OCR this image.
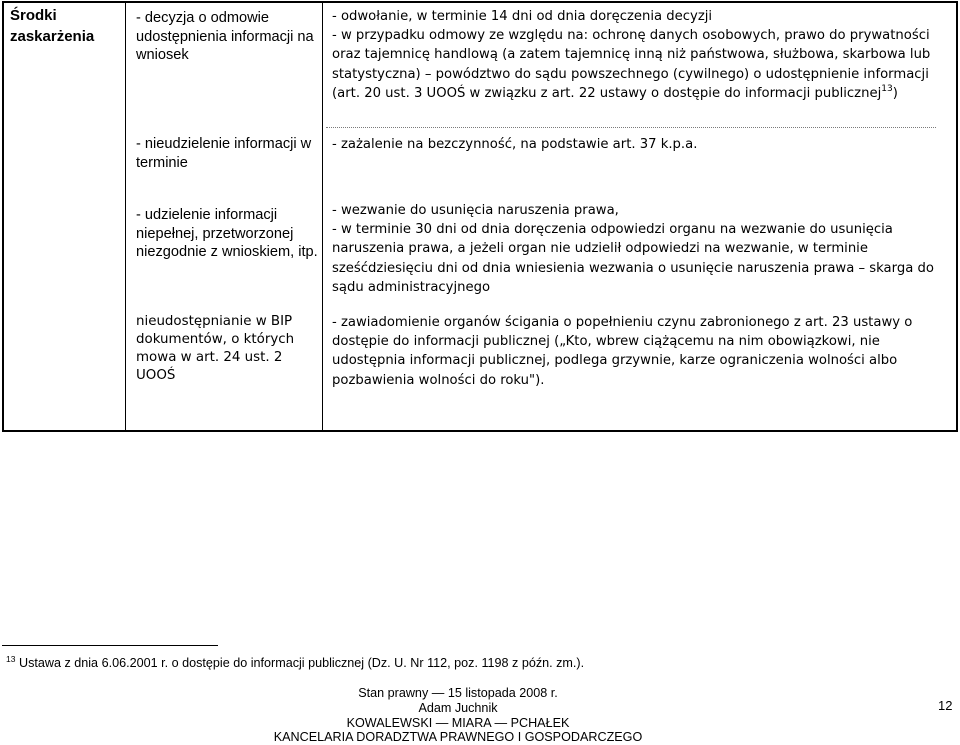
Środki zaskarżenia
- decyzja o odmowie udostępnienia informacji na wniosek
- nieudzielenie informacji w terminie
- udzielenie informacji niepełnej, przetworzonej niezgodnie z wnioskiem, itp.
nieudostępnianie w BIP dokumentów, o których mowa w art. 24 ust. 2 UOOŚ
- odwołanie, w terminie 14 dni od dnia doręczenia decyzji
- w przypadku odmowy ze względu na: ochronę danych osobowych, prawo do prywatności oraz tajemnicę handlową (a zatem tajemnicę inną niż państwowa, służbowa, skarbowa lub statystyczna) – powództwo do sądu powszechnego (cywilnego) o udostępnienie informacji (art. 20 ust. 3 UOOŚ w związku z art. 22 ustawy o dostępie do informacji publicznej$^{13}$)
- zażalenie na bezczynność, na podstawie art. 37 k.p.a.
- wezwanie do usunięcia naruszenia prawa,
- w terminie 30 dni od dnia doręczenia odpowiedzi organu na wezwanie do usunięcia naruszenia prawa, a jeżeli organ nie udzielił odpowiedzi na wezwanie, w terminie sześćdziesięciu dni od dnia wniesienia wezwania o usunięcie naruszenia prawa – skarga do sądu administracyjnego
- zawiadomienie organów ścigania o popełnieniu czynu zabronionego z art. 23 ustawy o dostępie do informacji publicznej („Kto, wbrew ciążącemu na nim obowiązkowi, nie udostępnia informacji publicznej, podlega grzywnie, karze ograniczenia wolności albo pozbawienia wolności do roku").
$^{13}$ Ustawa z dnia 6.06.2001 r. o dostępie do informacji publicznej (Dz. U. Nr 112, poz. 1198 z późn. zm.).
12
Stan prawny — 15 listopada 2008 r.
Adam Juchnik
KOWALEWSKI — MIARA — PCHAŁEK
KANCELARIA DORADZTWA PRAWNEGO I GOSPODARCZEGO
